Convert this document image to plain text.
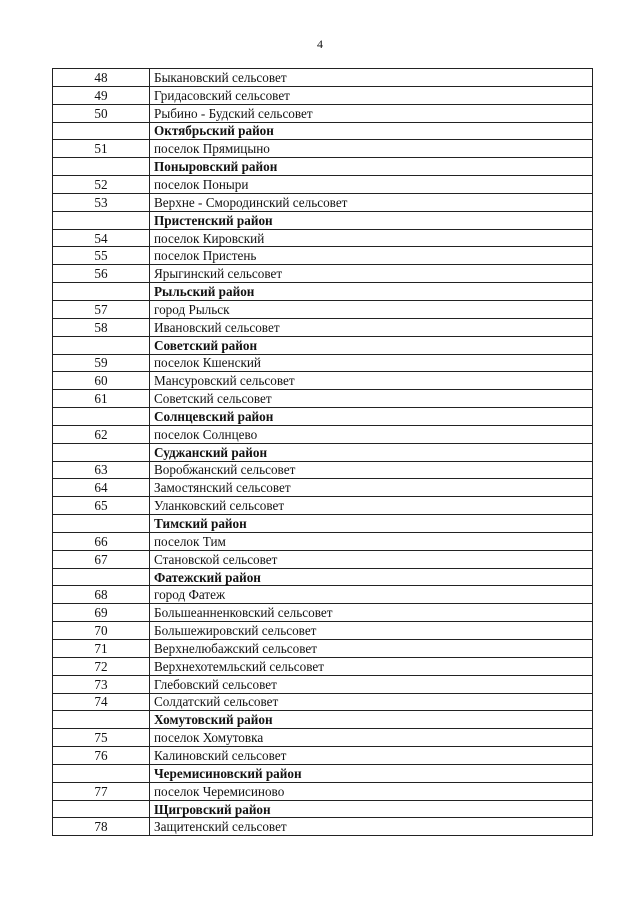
4
48	Быкановский сельсовет
49	Гридасовский сельсовет
50	Рыбино - Будский сельсовет
	Октябрьский район
51	поселок Прямицыно
	Поныровский район
52	поселок Поныри
53	Верхне - Смородинский сельсовет
	Пристенский район
54	поселок Кировский
55	поселок Пристень
56	Ярыгинский сельсовет
	Рыльский район
57	город Рыльск
58	Ивановский сельсовет
	Советский район
59	поселок Кшенский
60	Мансуровский сельсовет
61	Советский сельсовет
	Солнцевский район
62	поселок Солнцево
	Суджанский район
63	Воробжанский сельсовет
64	Замостянский сельсовет
65	Уланковский сельсовет
	Тимский район
66	поселок Тим
67	Становской сельсовет
	Фатежский район
68	город Фатеж
69	Большеанненковский сельсовет
70	Большежировский сельсовет
71	Верхнелюбажский сельсовет
72	Верхнехотемльский сельсовет
73	Глебовский сельсовет
74	Солдатский сельсовет
	Хомутовский район
75	поселок Хомутовка
76	Калиновский сельсовет
	Черемисиновский район
77	поселок Черемисиново
	Щигровский район
78	Защитенский сельсовет
